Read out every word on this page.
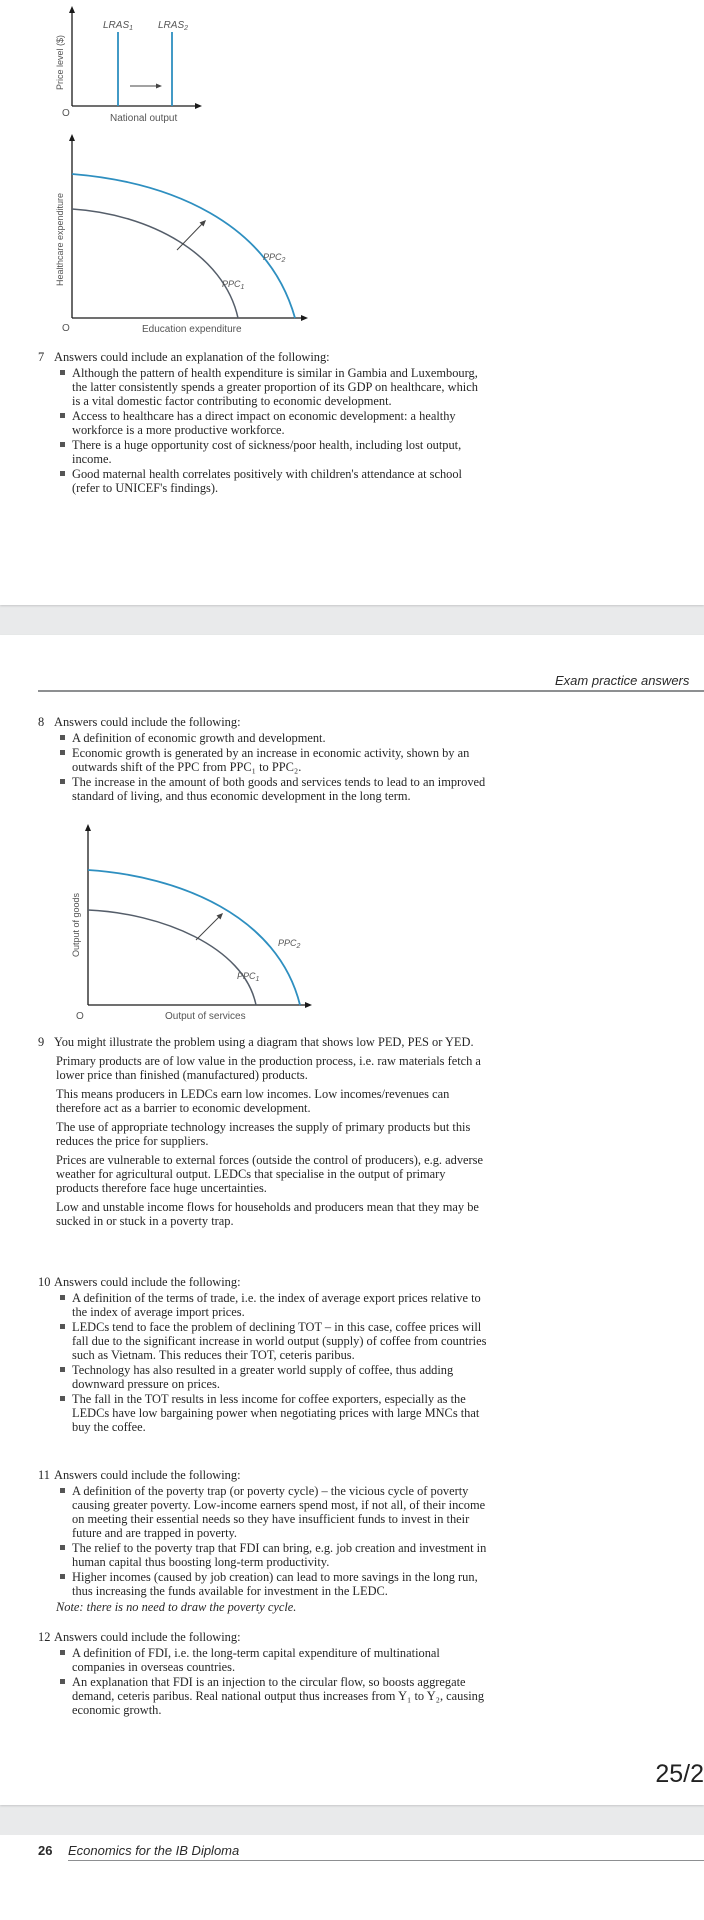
$LRAS_1$ $LRAS_2$
Price level ($)
National output
O
$PPC_1$
$PPC_2$
Healthcare expenditure
Education expenditure
O
7 Answers could include an explanation of the following:
Although the pattern of health expenditure is similar in Gambia and Luxembourg, the latter consistently spends a greater proportion of its GDP on healthcare, which is a vital domestic factor contributing to economic development.
Access to healthcare has a direct impact on economic development: a healthy workforce is a more productive workforce.
There is a huge opportunity cost of sickness/poor health, including lost output, income.
Good maternal health correlates positively with children's attendance at school (refer to UNICEF's findings).
Exam practice answers
8 Answers could include the following:
A definition of economic growth and development.
Economic growth is generated by an increase in economic activity, shown by an outwards shift of the PPC from PPC₁ to PPC₂.
The increase in the amount of both goods and services tends to lead to an improved standard of living, and thus economic development in the long term.
$PPC_1$
$PPC_2$
Output of goods
Output of services
O
9 You might illustrate the problem using a diagram that shows low PED, PES or YED.

Primary products are of low value in the production process, i.e. raw materials fetch a lower price than finished (manufactured) products.

This means producers in LEDCs earn low incomes. Low incomes/revenues can therefore act as a barrier to economic development.

The use of appropriate technology increases the supply of primary products but this reduces the price for suppliers.

Prices are vulnerable to external forces (outside the control of producers), e.g. adverse weather for agricultural output. LEDCs that specialise in the output of primary products therefore face huge uncertainties.

Low and unstable income flows for households and producers mean that they may be sucked in or stuck in a poverty trap.

10 Answers could include the following:
A definition of the terms of trade, i.e. the index of average export prices relative to the index of average import prices.
LEDCs tend to face the problem of declining TOT – in this case, coffee prices will fall due to the significant increase in world output (supply) of coffee from countries such as Vietnam. This reduces their TOT, ceteris paribus.
Technology has also resulted in a greater world supply of coffee, thus adding downward pressure on prices.
The fall in the TOT results in less income for coffee exporters, especially as the LEDCs have low bargaining power when negotiating prices with large MNCs that buy the coffee.
11 Answers could include the following:
A definition of the poverty trap (or poverty cycle) – the vicious cycle of poverty causing greater poverty. Low-income earners spend most, if not all, of their income on meeting their essential needs so they have insufficient funds to invest in their future and are trapped in poverty.
The relief to the poverty trap that FDI can bring, e.g. job creation and investment in human capital thus boosting long-term productivity.
Higher incomes (caused by job creation) can lead to more savings in the long run, thus increasing the funds available for investment in the LEDC.

Note: there is no need to draw the poverty cycle.

12 Answers could include the following:
A definition of FDI, i.e. the long-term capital expenditure of multinational companies in overseas countries.
An explanation that FDI is an injection to the circular flow, so boosts aggregate demand, ceteris paribus. Real national output thus increases from Y₁ to Y₂, causing economic growth.
25/2
26 Economics for the IB Diploma
